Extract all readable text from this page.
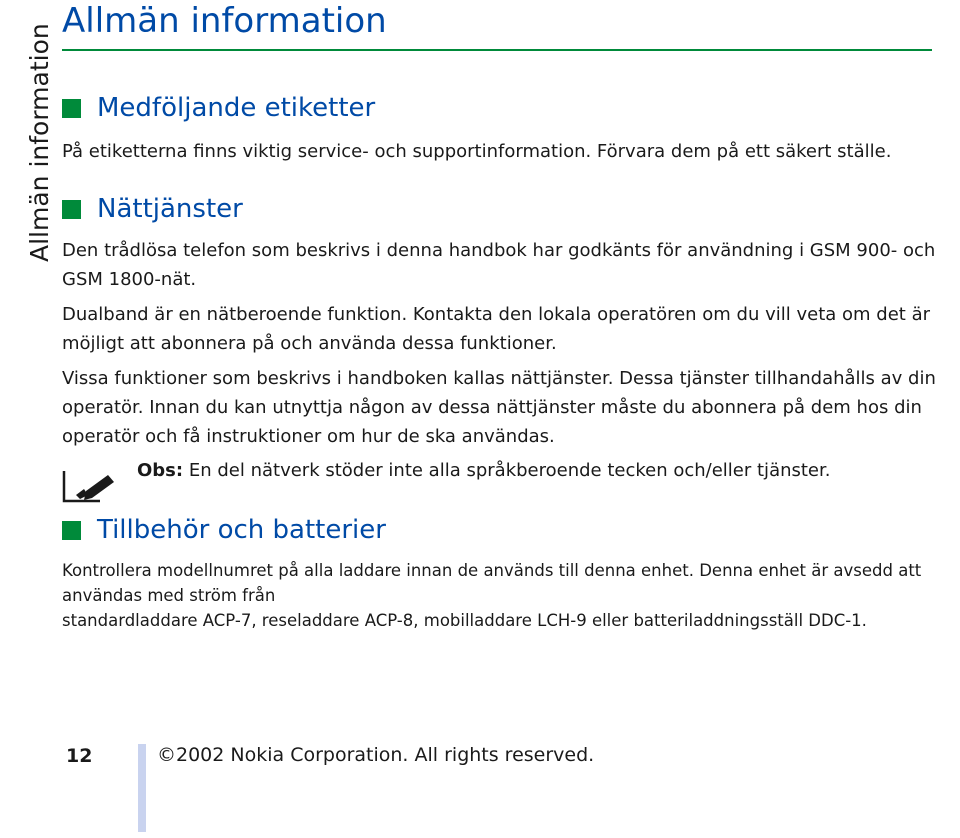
Allmän information
Allmän information
Medföljande etiketter

På etiketterna finns viktig service- och supportinformation. Förvara dem på ett säkert ställe.

Nättjänster

Den trådlösa telefon som beskrivs i denna handbok har godkänts för användning i GSM 900- och GSM 1800-nät.

Dualband är en nätberoende funktion. Kontakta den lokala operatören om du vill veta om det är möjligt att abonnera på och använda dessa funktioner.

Vissa funktioner som beskrivs i handboken kallas nättjänster. Dessa tjänster tillhandahålls av din operatör. Innan du kan utnyttja någon av dessa nättjänster måste du abonnera på dem hos din operatör och få instruktioner om hur de ska användas.

Obs: En del nätverk stöder inte alla språkberoende tecken och/eller tjänster.
Tillbehör och batterier

Kontrollera modellnumret på alla laddare innan de används till denna enhet. Denna enhet är avsedd att användas med ström från

standardladdare ACP-7, reseladdare ACP-8, mobilladdare LCH-9 eller batteriladdningsställ DDC-1.

12	©2002 Nokia Corporation. All rights reserved.
